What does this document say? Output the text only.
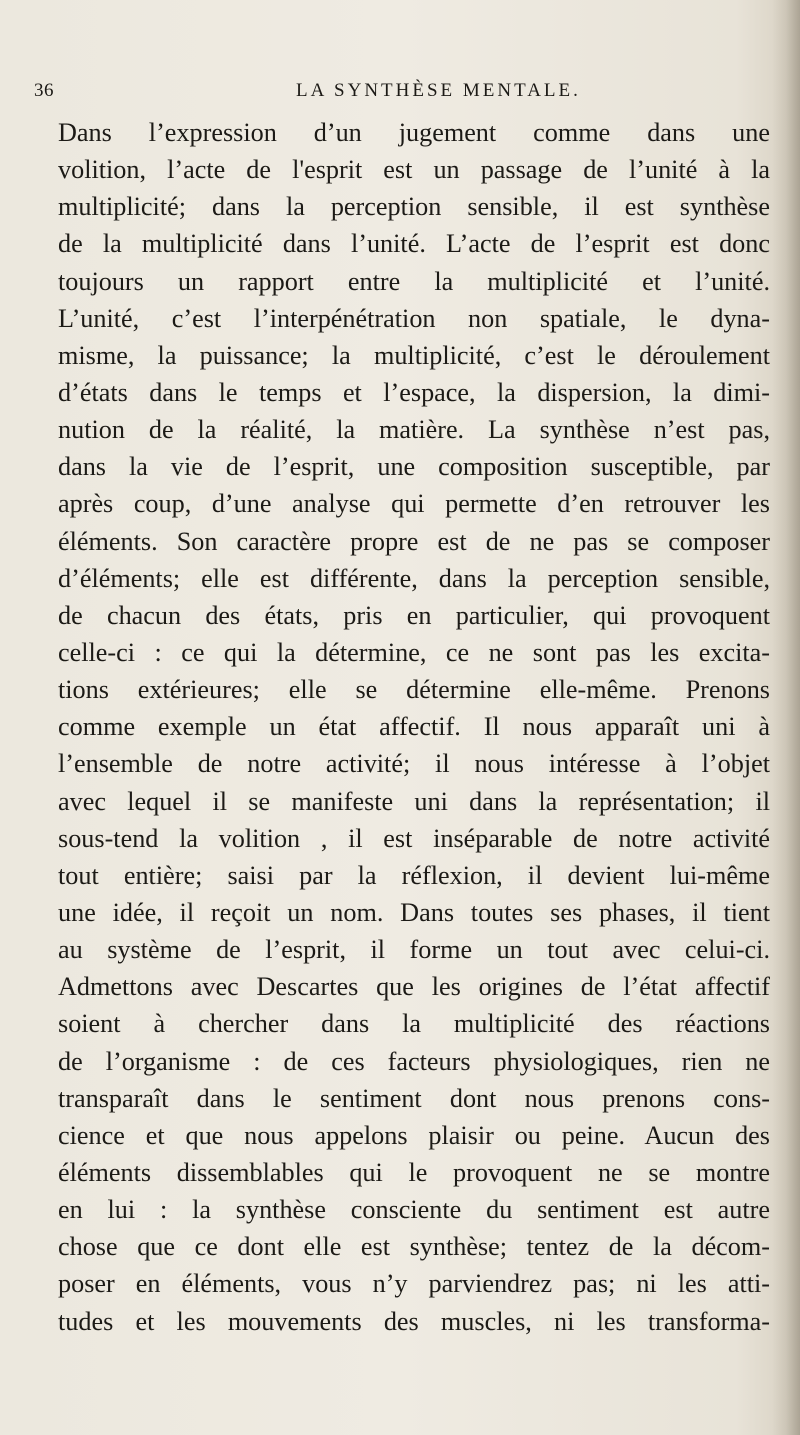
36	LA SYNTHÈSE MENTALE.
Dans l’expression d’un jugement comme dans une
volition, l’acte de l'esprit est un passage de l’unité à la
multiplicité; dans la perception sensible, il est synthèse
de la multiplicité dans l’unité. L’acte de l’esprit est donc
toujours un rapport entre la multiplicité et l’unité.
L’unité, c’est l’interpénétration non spatiale, le dyna-
misme, la puissance; la multiplicité, c’est le déroulement
d’états dans le temps et l’espace, la dispersion, la dimi-
nution de la réalité, la matière. La synthèse n’est pas,
dans la vie de l’esprit, une composition susceptible, par
après coup, d’une analyse qui permette d’en retrouver les
éléments. Son caractère propre est de ne pas se composer
d’éléments; elle est différente, dans la perception sensible,
de chacun des états, pris en particulier, qui provoquent
celle-ci : ce qui la détermine, ce ne sont pas les excita-
tions extérieures; elle se détermine elle-même. Prenons
comme exemple un état affectif. Il nous apparaît uni à
l’ensemble de notre activité; il nous intéresse à l’objet
avec lequel il se manifeste uni dans la représentation; il
sous-tend la volition , il est inséparable de notre activité
tout entière; saisi par la réflexion, il devient lui-même
une idée, il reçoit un nom. Dans toutes ses phases, il tient
au système de l’esprit, il forme un tout avec celui-ci.
Admettons avec Descartes que les origines de l’état affectif
soient à chercher dans la multiplicité des réactions
de l’organisme : de ces facteurs physiologiques, rien ne
transparaît dans le sentiment dont nous prenons cons-
cience et que nous appelons plaisir ou peine. Aucun des
éléments dissemblables qui le provoquent ne se montre
en lui : la synthèse consciente du sentiment est autre
chose que ce dont elle est synthèse; tentez de la décom-
poser en éléments, vous n’y parviendrez pas; ni les atti-
tudes et les mouvements des muscles, ni les transforma-
